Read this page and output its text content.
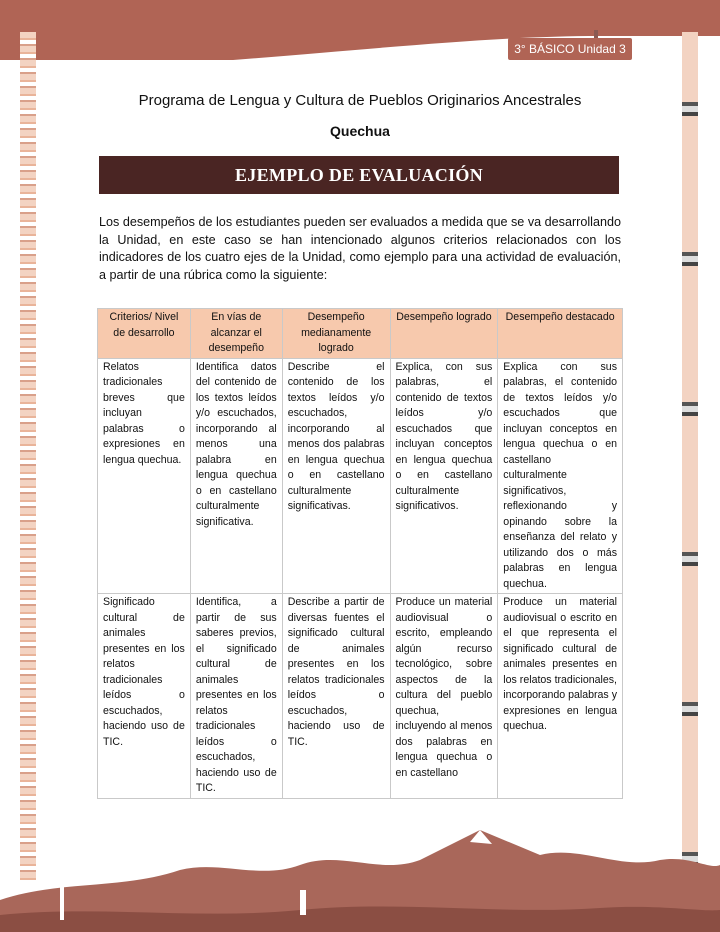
3° BÁSICO Unidad 3
Programa de Lengua y Cultura de Pueblos Originarios Ancestrales
Quechua
EJEMPLO DE EVALUACIÓN

Los desempeños de los estudiantes pueden ser evaluados a medida que se va desarrollando la Unidad, en este caso se han intencionado algunos criterios relacionados con los indicadores de los cuatro ejes de la Unidad, como ejemplo para una actividad de evaluación, a partir de una rúbrica como la siguiente:

Criterios/ Nivel de desarrollo	En vías de alcanzar el desempeño	Desempeño medianamente logrado	Desempeño logrado	Desempeño destacado
Relatos tradicionales breves que incluyan palabras o expresiones en lengua quechua.	Identifica datos del contenido de los textos leídos y/o escuchados, incorporando al menos una palabra en lengua quechua o en castellano culturalmente significativa.	Describe el contenido de los textos leídos y/o escuchados, incorporando al menos dos palabras en lengua quechua o en castellano culturalmente significativas.	Explica, con sus palabras, el contenido de textos leídos y/o escuchados que incluyan conceptos en lengua quechua o en castellano culturalmente significativos.	Explica con sus palabras, el contenido de textos leídos y/o escuchados que incluyan conceptos en lengua quechua o en castellano culturalmente significativos, reflexionando y opinando sobre la enseñanza del relato y utilizando dos o más palabras en lengua quechua.
Significado cultural de animales presentes en los relatos tradicionales leídos o escuchados, haciendo uso de TIC.	Identifica, a partir de sus saberes previos, el significado cultural de animales presentes en los relatos tradicionales leídos o escuchados, haciendo uso de TIC.	Describe a partir de diversas fuentes el significado cultural de animales presentes en los relatos tradicionales leídos o escuchados, haciendo uso de TIC.	Produce un material audiovisual o escrito, empleando algún recurso tecnológico, sobre aspectos de la cultura del pueblo quechua, incluyendo al menos dos palabras en lengua quechua o en castellano	Produce un material audiovisual o escrito en el que representa el significado cultural de animales presentes en los relatos tradicionales, incorporando palabras y expresiones en lengua quechua.
